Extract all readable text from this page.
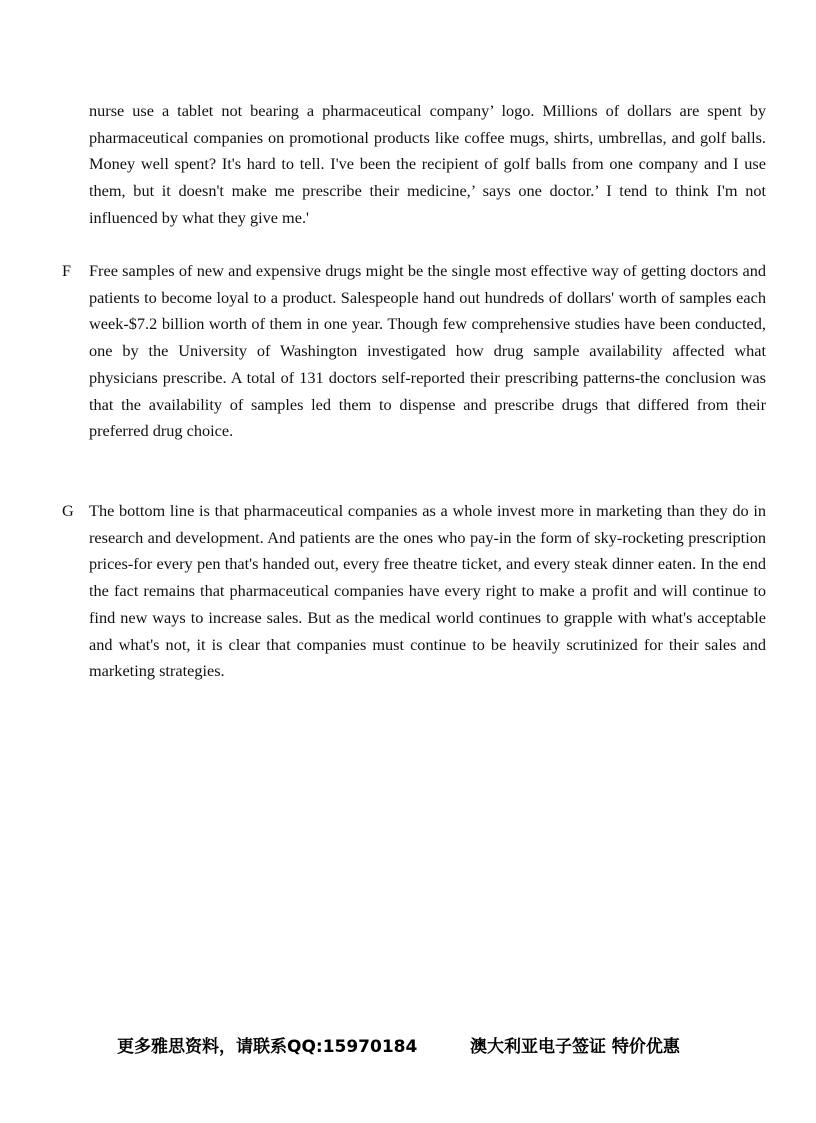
nurse use a tablet not bearing a pharmaceutical company’ logo. Millions of dollars are spent by pharmaceutical companies on promotional products like coffee mugs, shirts, umbrellas, and golf balls. Money well spent? It's hard to tell. I've been the recipient of golf balls from one company and I use them, but it doesn't make me prescribe their medicine,’ says one doctor.’ I tend to think I'm not influenced by what they give me.'
F	Free samples of new and expensive drugs might be the single most effective way of getting doctors and patients to become loyal to a product. Salespeople hand out hundreds of dollars' worth of samples each week-$7.2 billion worth of them in one year. Though few comprehensive studies have been conducted, one by the University of Washington investigated how drug sample availability affected what physicians prescribe. A total of 131 doctors self-reported their prescribing patterns-the conclusion was that the availability of samples led them to dispense and prescribe drugs that differed from their preferred drug choice.
G The bottom line is that pharmaceutical companies as a whole invest more in marketing than they do in research and development. And patients are the ones who pay-in the form of sky-rocketing prescription prices-for every pen that's handed out, every free theatre ticket, and every steak dinner eaten. In the end the fact remains that pharmaceutical companies have every right to make a profit and will continue to find new ways to increase sales. But as the medical world continues to grapple with what's acceptable and what's not, it is clear that companies must continue to be heavily scrutinized for their sales and marketing strategies.
更多雅思资料，请联系QQ:15970184	澳大利亚电子签证 特价优惠
